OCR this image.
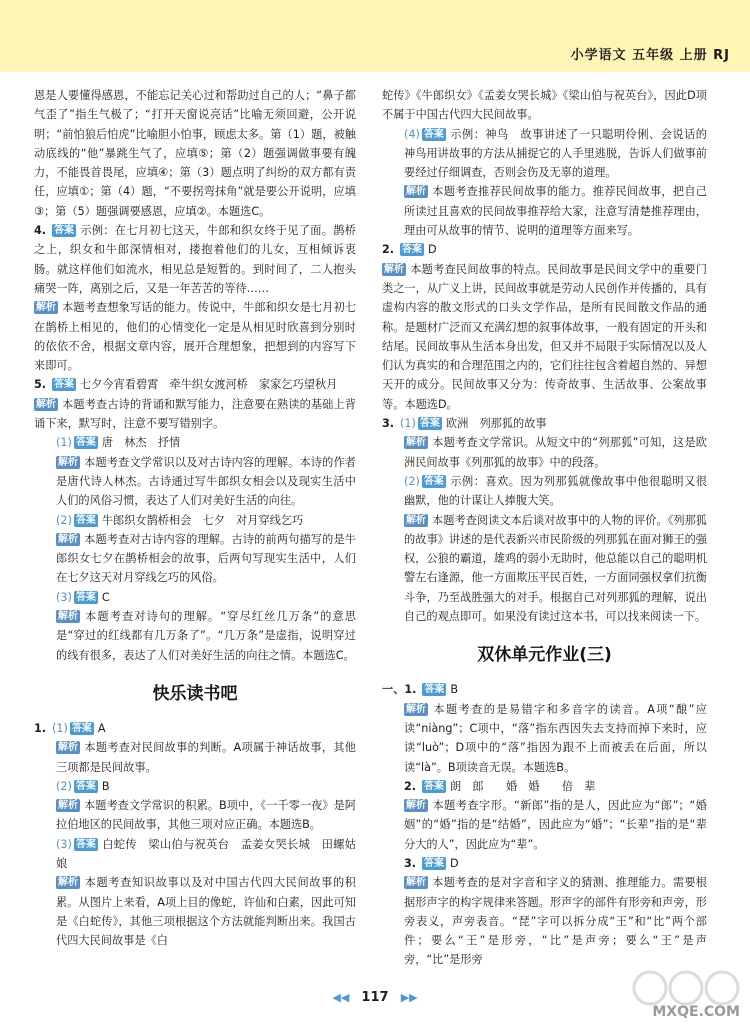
小学语文 五年级 上册 RJ
恩是人要懂得感恩，不能忘记关心过和帮助过自己的人；“鼻子都气歪了”指生气极了；“打开天窗说亮话”比喻无须回避，公开说明；“前怕狼后怕虎”比喻胆小怕事，顾虑太多。第（1）题，被触动底线的“他”暴跳生气了，应填⑤；第（2）题强调做事要有魄力，不能畏首畏尾，应填④；第（3）题点明了纠纷的双方都有责任，应填①；第（4）题，“不要拐弯抹角”就是要公开说明，应填③；第（5）题强调要感恩，应填②。本题选C。
4. 答案 示例：在七月初七这天，牛郎和织女终于见了面。鹊桥之上，织女和牛郎深情相对，搂抱着他们的儿女，互相倾诉衷肠。就这样他们如流水，相见总是短暂的。到时间了，二人抱头痛哭一阵，离别之后，又是一年苦苦的等待……
解析 本题考查想象写话的能力。传说中，牛郎和织女是七月初七在鹊桥上相见的，他们的心情变化一定是从相见时欣喜到分别时的依依不舍，根据文章内容，展开合理想象，把想到的内容写下来即可。
5. 答案 七夕今宵看碧霄　牵牛织女渡河桥　家家乞巧望秋月
解析 本题考查古诗的背诵和默写能力，注意要在熟读的基础上背诵下来，默写时，注意不要写错别字。
(1) 答案 唐　林杰　抒情
解析 本题考查文学常识以及对古诗内容的理解。本诗的作者是唐代诗人林杰。古诗通过写牛郎织女相会以及现实生活中人们的风俗习惯，表达了人们对美好生活的向往。
(2) 答案 牛郎织女鹊桥相会　七夕　对月穿线乞巧
解析 本题考查对古诗内容的理解。古诗的前两句描写的是牛郎织女七夕在鹊桥相会的故事，后两句写现实生活中，人们在七夕这天对月穿线乞巧的风俗。
(3) 答案 C
解析 本题考查对诗句的理解。“穿尽红丝几万条”的意思是“穿过的红线都有几万条了”。“几万条”是虚指，说明穿过的线有很多，表达了人们对美好生活的向往之情。本题选C。
快乐读书吧
1. (1) 答案 A
解析 本题考查对民间故事的判断。A项属于神话故事，其他三项都是民间故事。
(2) 答案 B
解析 本题考查文学常识的积累。B项中，《一千零一夜》是阿拉伯地区的民间故事，其他三项对应正确。本题选B。
(3) 答案 白蛇传　梁山伯与祝英台　孟姜女哭长城　田螺姑娘
解析 本题考查知识故事以及对中国古代四大民间故事的积累。从图片上来看，A项上目的像蛇，许仙和白素，因此可知是《白蛇传》，其他三项根据这个方法就能判断出来。我国古代四大民间故事是《白
蛇传》《牛郎织女》《孟姜女哭长城》《梁山伯与祝英台》，因此D项不属于中国古代四大民间故事。
(4) 答案 示例：神鸟　故事讲述了一只聪明伶俐、会说话的神鸟用讲故事的方法从捕捉它的人手里逃脱，告诉人们做事前要经过仔细调查，否则会伤及无辜的道理。
解析 本题考查推荐民间故事的能力。推荐民间故事，把自己所读过且喜欢的民间故事推荐给大家，注意写清楚推荐理由，理由可从故事的情节、说明的道理等方面来写。
2. 答案 D
解析 本题考查民间故事的特点。民间故事是民间文学中的重要门类之一，从广义上讲，民间故事就是劳动人民创作并传播的，具有虚构内容的散文形式的口头文学作品，是所有民间散文作品的通称。是题材广泛而又充满幻想的叙事体故事，一般有固定的开头和结尾。民间故事从生活本身出发，但又并不局限于实际情况以及人们认为真实的和合理范围之内的，它们往往包含着超自然的、异想天开的成分。民间故事又分为：传奇故事、生活故事、公案故事等。本题选D。
3. (1) 答案 欧洲　列那狐的故事
解析 本题考查文学常识。从短文中的“列那狐”可知，这是欧洲民间故事《列那狐的故事》中的段落。
(2) 答案 示例：喜欢。因为列那狐就像故事中他很聪明又很幽默，他的计谋让人捧腹大笑。
解析 本题考查阅读文本后谈对故事中的人物的评价。《列那狐的故事》讲述的是代表新兴市民阶级的列那狐在面对狮王的强权，公狼的霸道，雄鸡的弱小无助时，他总能以自己的聪明机警左右逢源，他一方面欺压平民百姓，一方面同强权拿们抗衡斗争，乃至战胜强大的对手。根据自己对列那狐的理解，说出自己的观点即可。如果没有读过这本书，可以找来阅读一下。
双休单元作业(三)
一、1. 答案 B
解析 本题考查的是易错字和多音字的读音。A项“酿”应读“niàng”；C项中，“落”指东西因失去支持而掉下来时，应读“luò”；D项中的“落”指因为跟不上而被丢在后面，所以读“là”。B项读音无误。本题选B。
2. 答案 朗　郎　　婚　婚　　倍　辈
解析 本题考查字形。“新郎”指的是人，因此应为“郎”；“婚姻”的“婚”指的是“结婚”，因此应为“婚”；“长辈”指的是“辈分大的人”，因此应为“辈”。
3. 答案 D
解析 本题考查的是对字音和字义的猜测、推理能力。需要根据形声字的构字规律来答题。形声字的部件有形旁和声旁，形旁表义，声旁表音。“琵”字可以拆分成“王”和“比”两个部件；要么“王”是形旁，“比”是声旁；要么“王”是声旁，“比”是形旁
◀◀ 117 ▶▶
MXQE.COM
